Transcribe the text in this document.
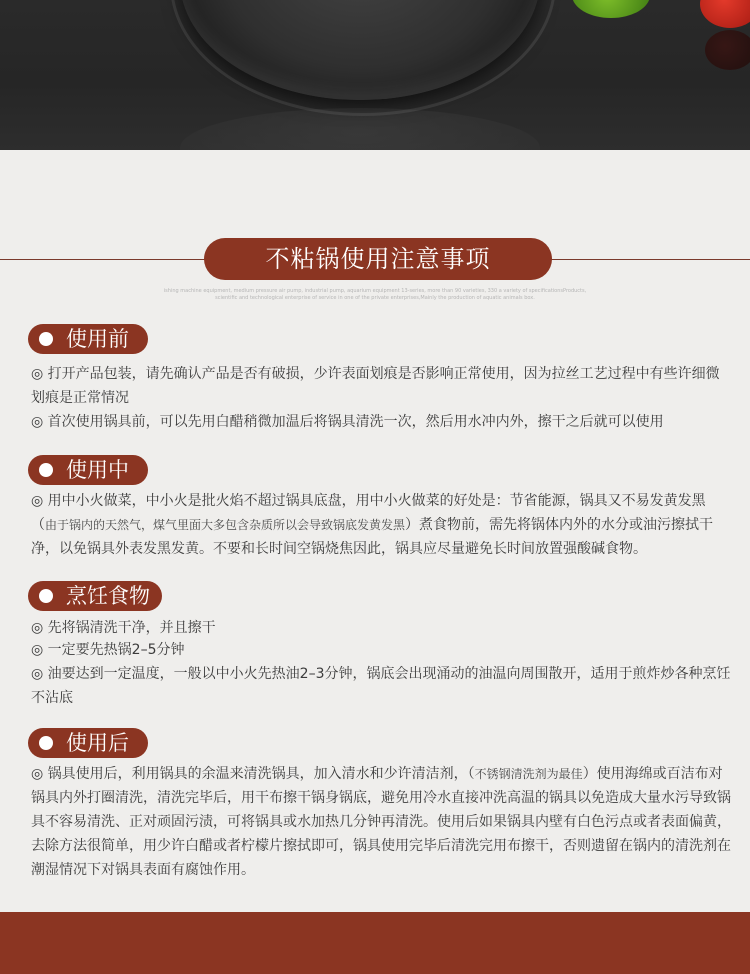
不粘锅使用注意事项
ishing machine equipment, medium pressure air pump, industrial pump, aquarium equipment 13-series, more than 90 varieties, 330 a variety of specificationsProducts,
scientific and technological enterprise of service in one of the private enterprises,Mainly the production of aquatic animals box.
使用前

◎ 打开产品包装，请先确认产品是否有破损，少许表面划痕是否影响正常使用，因为拉丝工艺过程中有些许细微划痕是正常情况

◎ 首次使用锅具前，可以先用白醋稍微加温后将锅具清洗一次，然后用水冲内外，擦干之后就可以使用

使用中

◎ 用中小火做菜，中小火是批火焰不超过锅具底盘，用中小火做菜的好处是：节省能源，锅具又不易发黄发黑（由于锅内的天然气，煤气里面大多包含杂质所以会导致锅底发黄发黑）煮食物前，需先将锅体内外的水分或油污擦拭干净，以免锅具外表发黑发黄。不要和长时间空锅烧焦因此，锅具应尽量避免长时间放置强酸碱食物。

烹饪食物

◎ 先将锅清洗干净，并且擦干

◎ 一定要先热锅2–5分钟

◎ 油要达到一定温度，一般以中小火先热油2–3分钟，锅底会出现涌动的油温向周围散开，适用于煎炸炒各种烹饪不沾底

使用后

◎ 锅具使用后，利用锅具的余温来清洗锅具，加入清水和少许清洁剂，（不锈钢清洗剂为最佳）使用海绵或百洁布对锅具内外打圈清洗，清洗完毕后，用干布擦干锅身锅底，避免用冷水直接冲洗高温的锅具以免造成大量水污导致锅具不容易清洗、正对顽固污渍，可将锅具或水加热几分钟再清洗。使用后如果锅具内壁有白色污点或者表面偏黄，去除方法很简单，用少许白醋或者柠檬片擦拭即可，锅具使用完毕后清洗完用布擦干，否则遗留在锅内的清洗剂在潮湿情况下对锅具表面有腐蚀作用。
